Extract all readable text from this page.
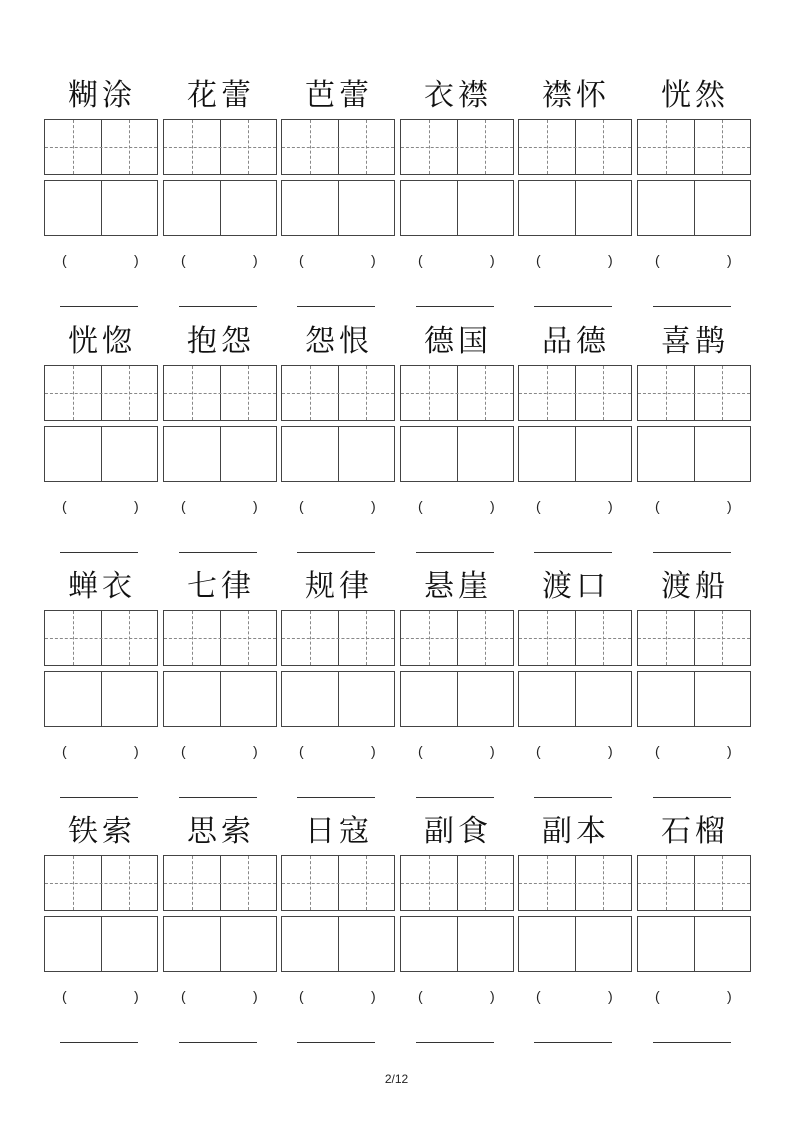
糊涂
(	)
花蕾
(	)
芭蕾
(	)
衣襟
(	)
襟怀
(	)
恍然
(	)
恍惚
(	)
抱怨
(	)
怨恨
(	)
德国
(	)
品德
(	)
喜鹊
(	)
蝉衣
(	)
七律
(	)
规律
(	)
悬崖
(	)
渡口
(	)
渡船
(	)
铁索
(	)
思索
(	)
日寇
(	)
副食
(	)
副本
(	)
石榴
(	)
2/12
